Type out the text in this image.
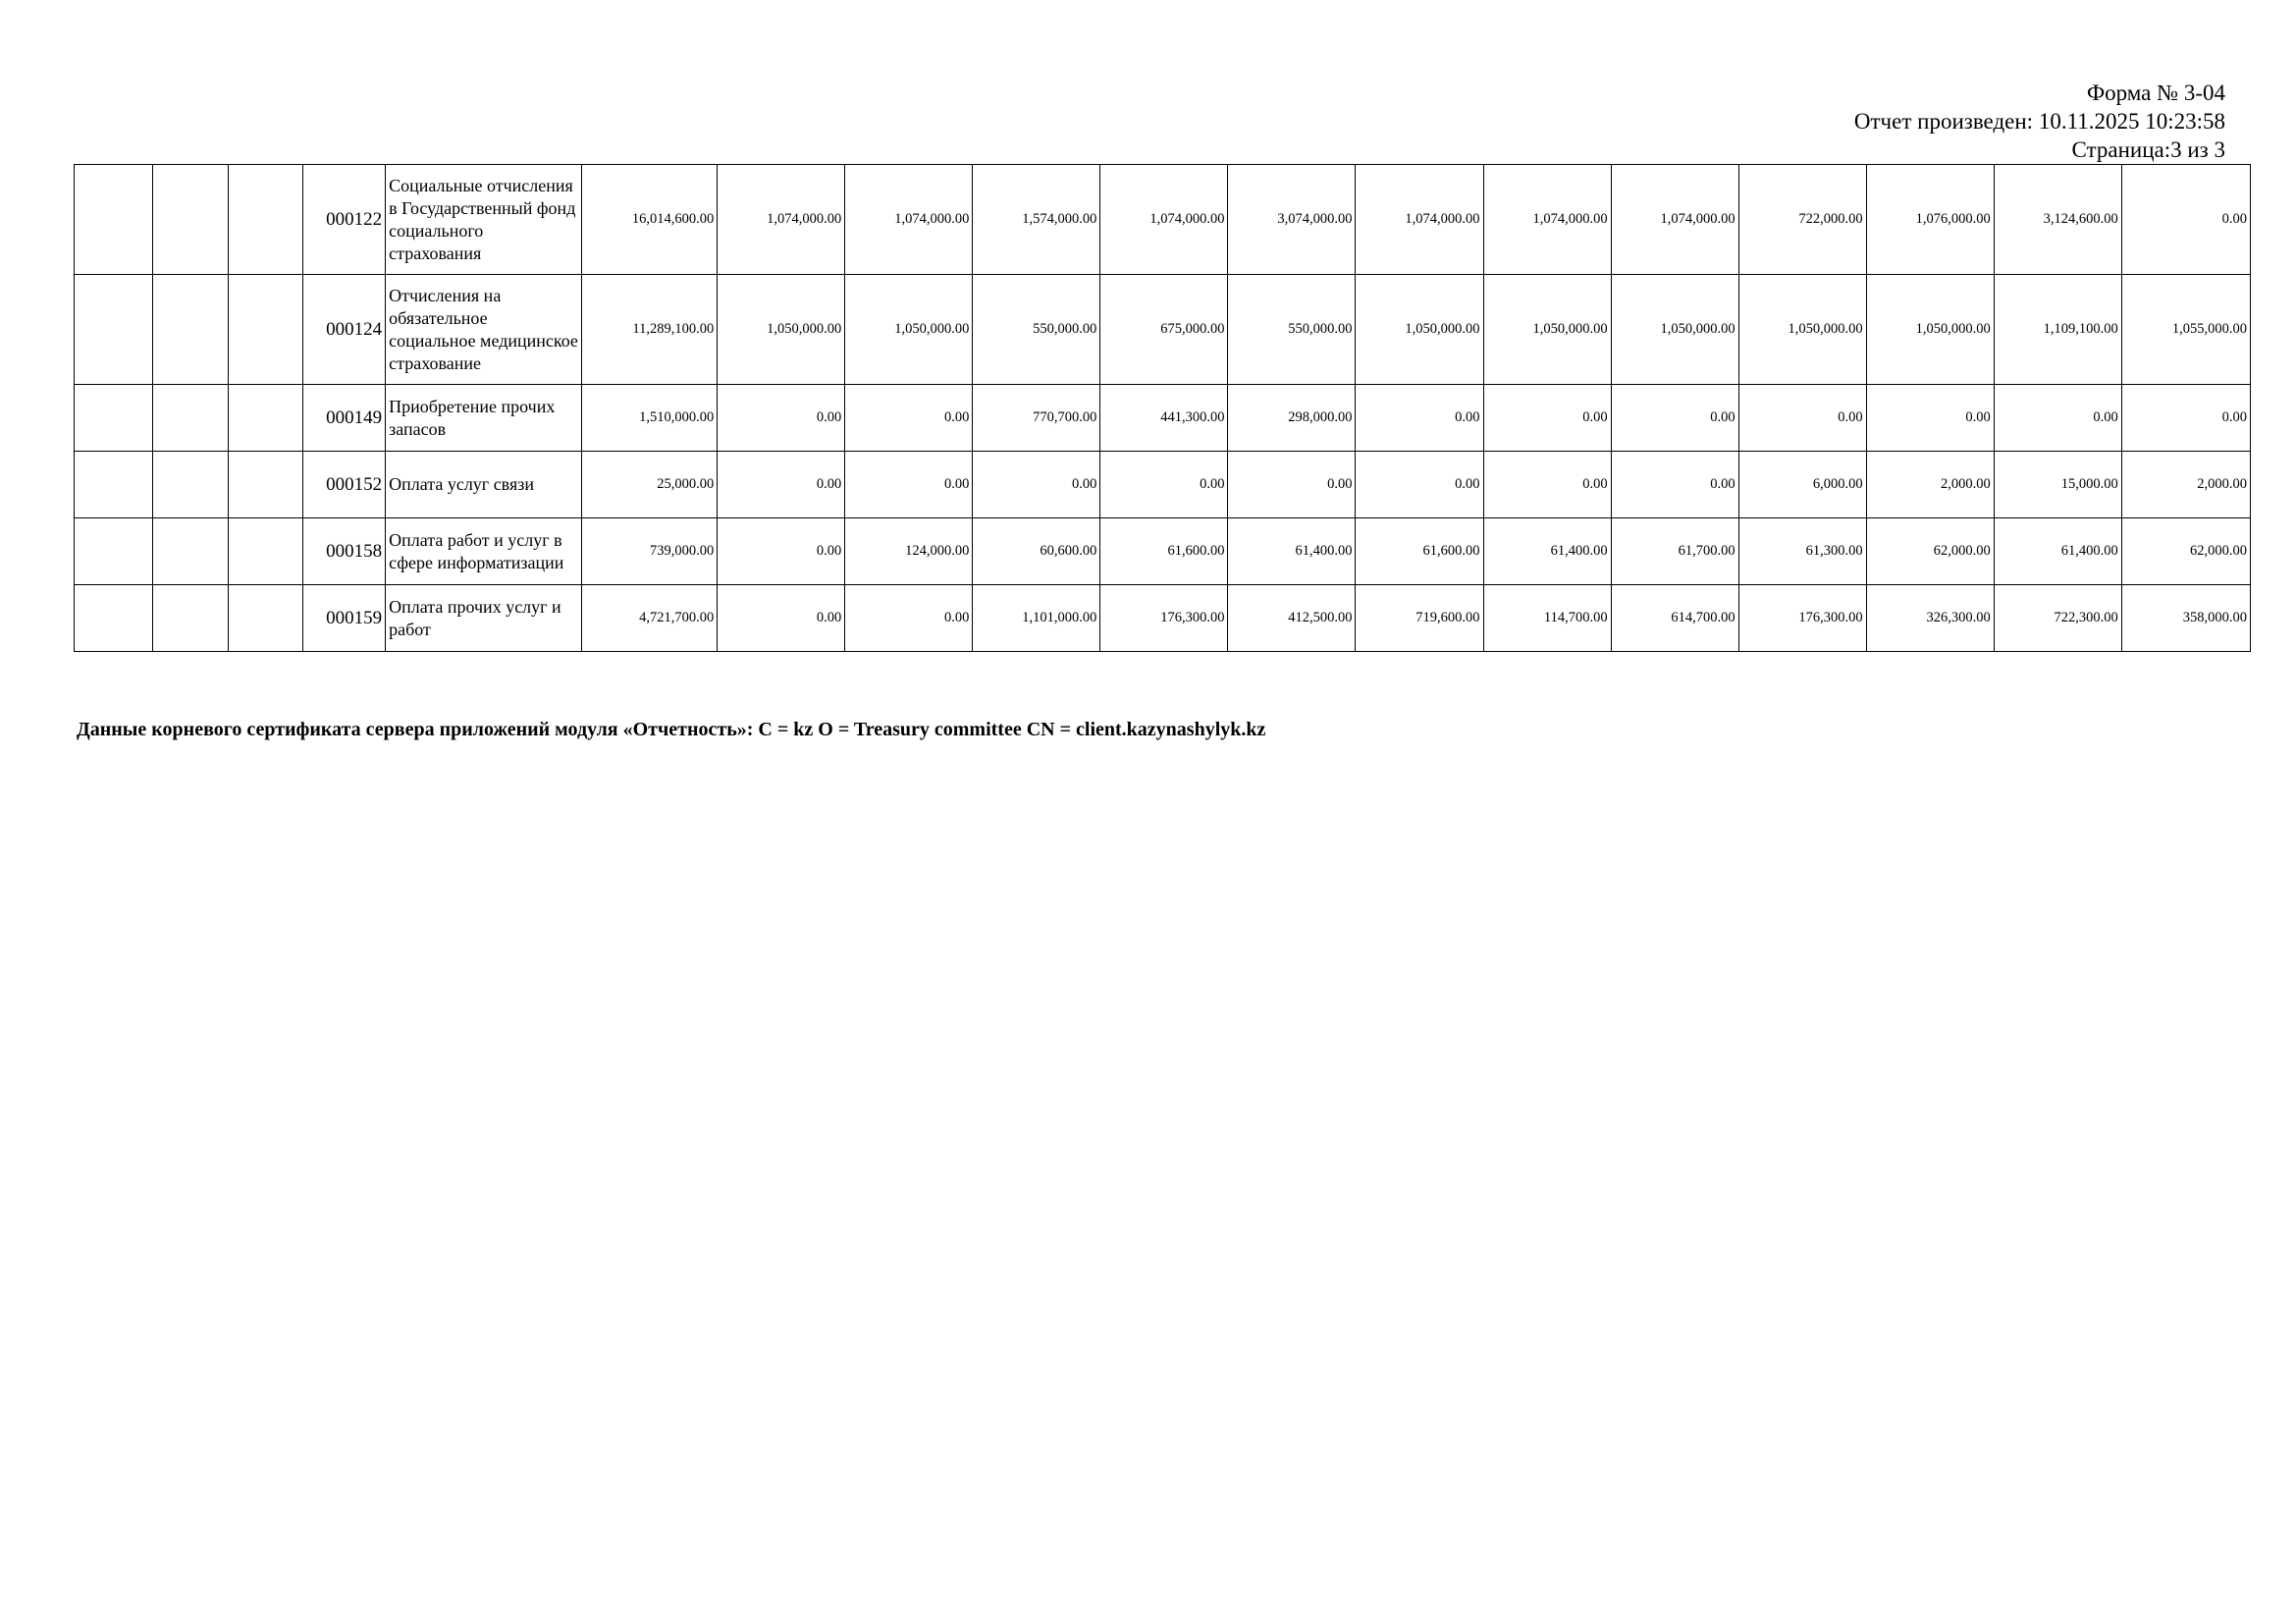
Форма № 3-04
Отчет произведен: 10.11.2025 10:23:58
Страница:3 из 3
			000122	Социальные отчисления в Государственный фонд социального страхования	16,014,600.00	1,074,000.00	1,074,000.00	1,574,000.00	1,074,000.00	3,074,000.00	1,074,000.00	1,074,000.00	1,074,000.00	722,000.00	1,076,000.00	3,124,600.00	0.00
			000124	Отчисления на обязательное социальное медицинское страхование	11,289,100.00	1,050,000.00	1,050,000.00	550,000.00	675,000.00	550,000.00	1,050,000.00	1,050,000.00	1,050,000.00	1,050,000.00	1,050,000.00	1,109,100.00	1,055,000.00
			000149	Приобретение прочих запасов	1,510,000.00	0.00	0.00	770,700.00	441,300.00	298,000.00	0.00	0.00	0.00	0.00	0.00	0.00	0.00
			000152	Оплата услуг связи	25,000.00	0.00	0.00	0.00	0.00	0.00	0.00	0.00	0.00	6,000.00	2,000.00	15,000.00	2,000.00
			000158	Оплата работ и услуг в сфере информатизации	739,000.00	0.00	124,000.00	60,600.00	61,600.00	61,400.00	61,600.00	61,400.00	61,700.00	61,300.00	62,000.00	61,400.00	62,000.00
			000159	Оплата прочих услуг и работ	4,721,700.00	0.00	0.00	1,101,000.00	176,300.00	412,500.00	719,600.00	114,700.00	614,700.00	176,300.00	326,300.00	722,300.00	358,000.00
Данные корневого сертификата сервера приложений модуля «Отчетность»: C = kz O = Treasury committee CN = client.kazynashylyk.kz
